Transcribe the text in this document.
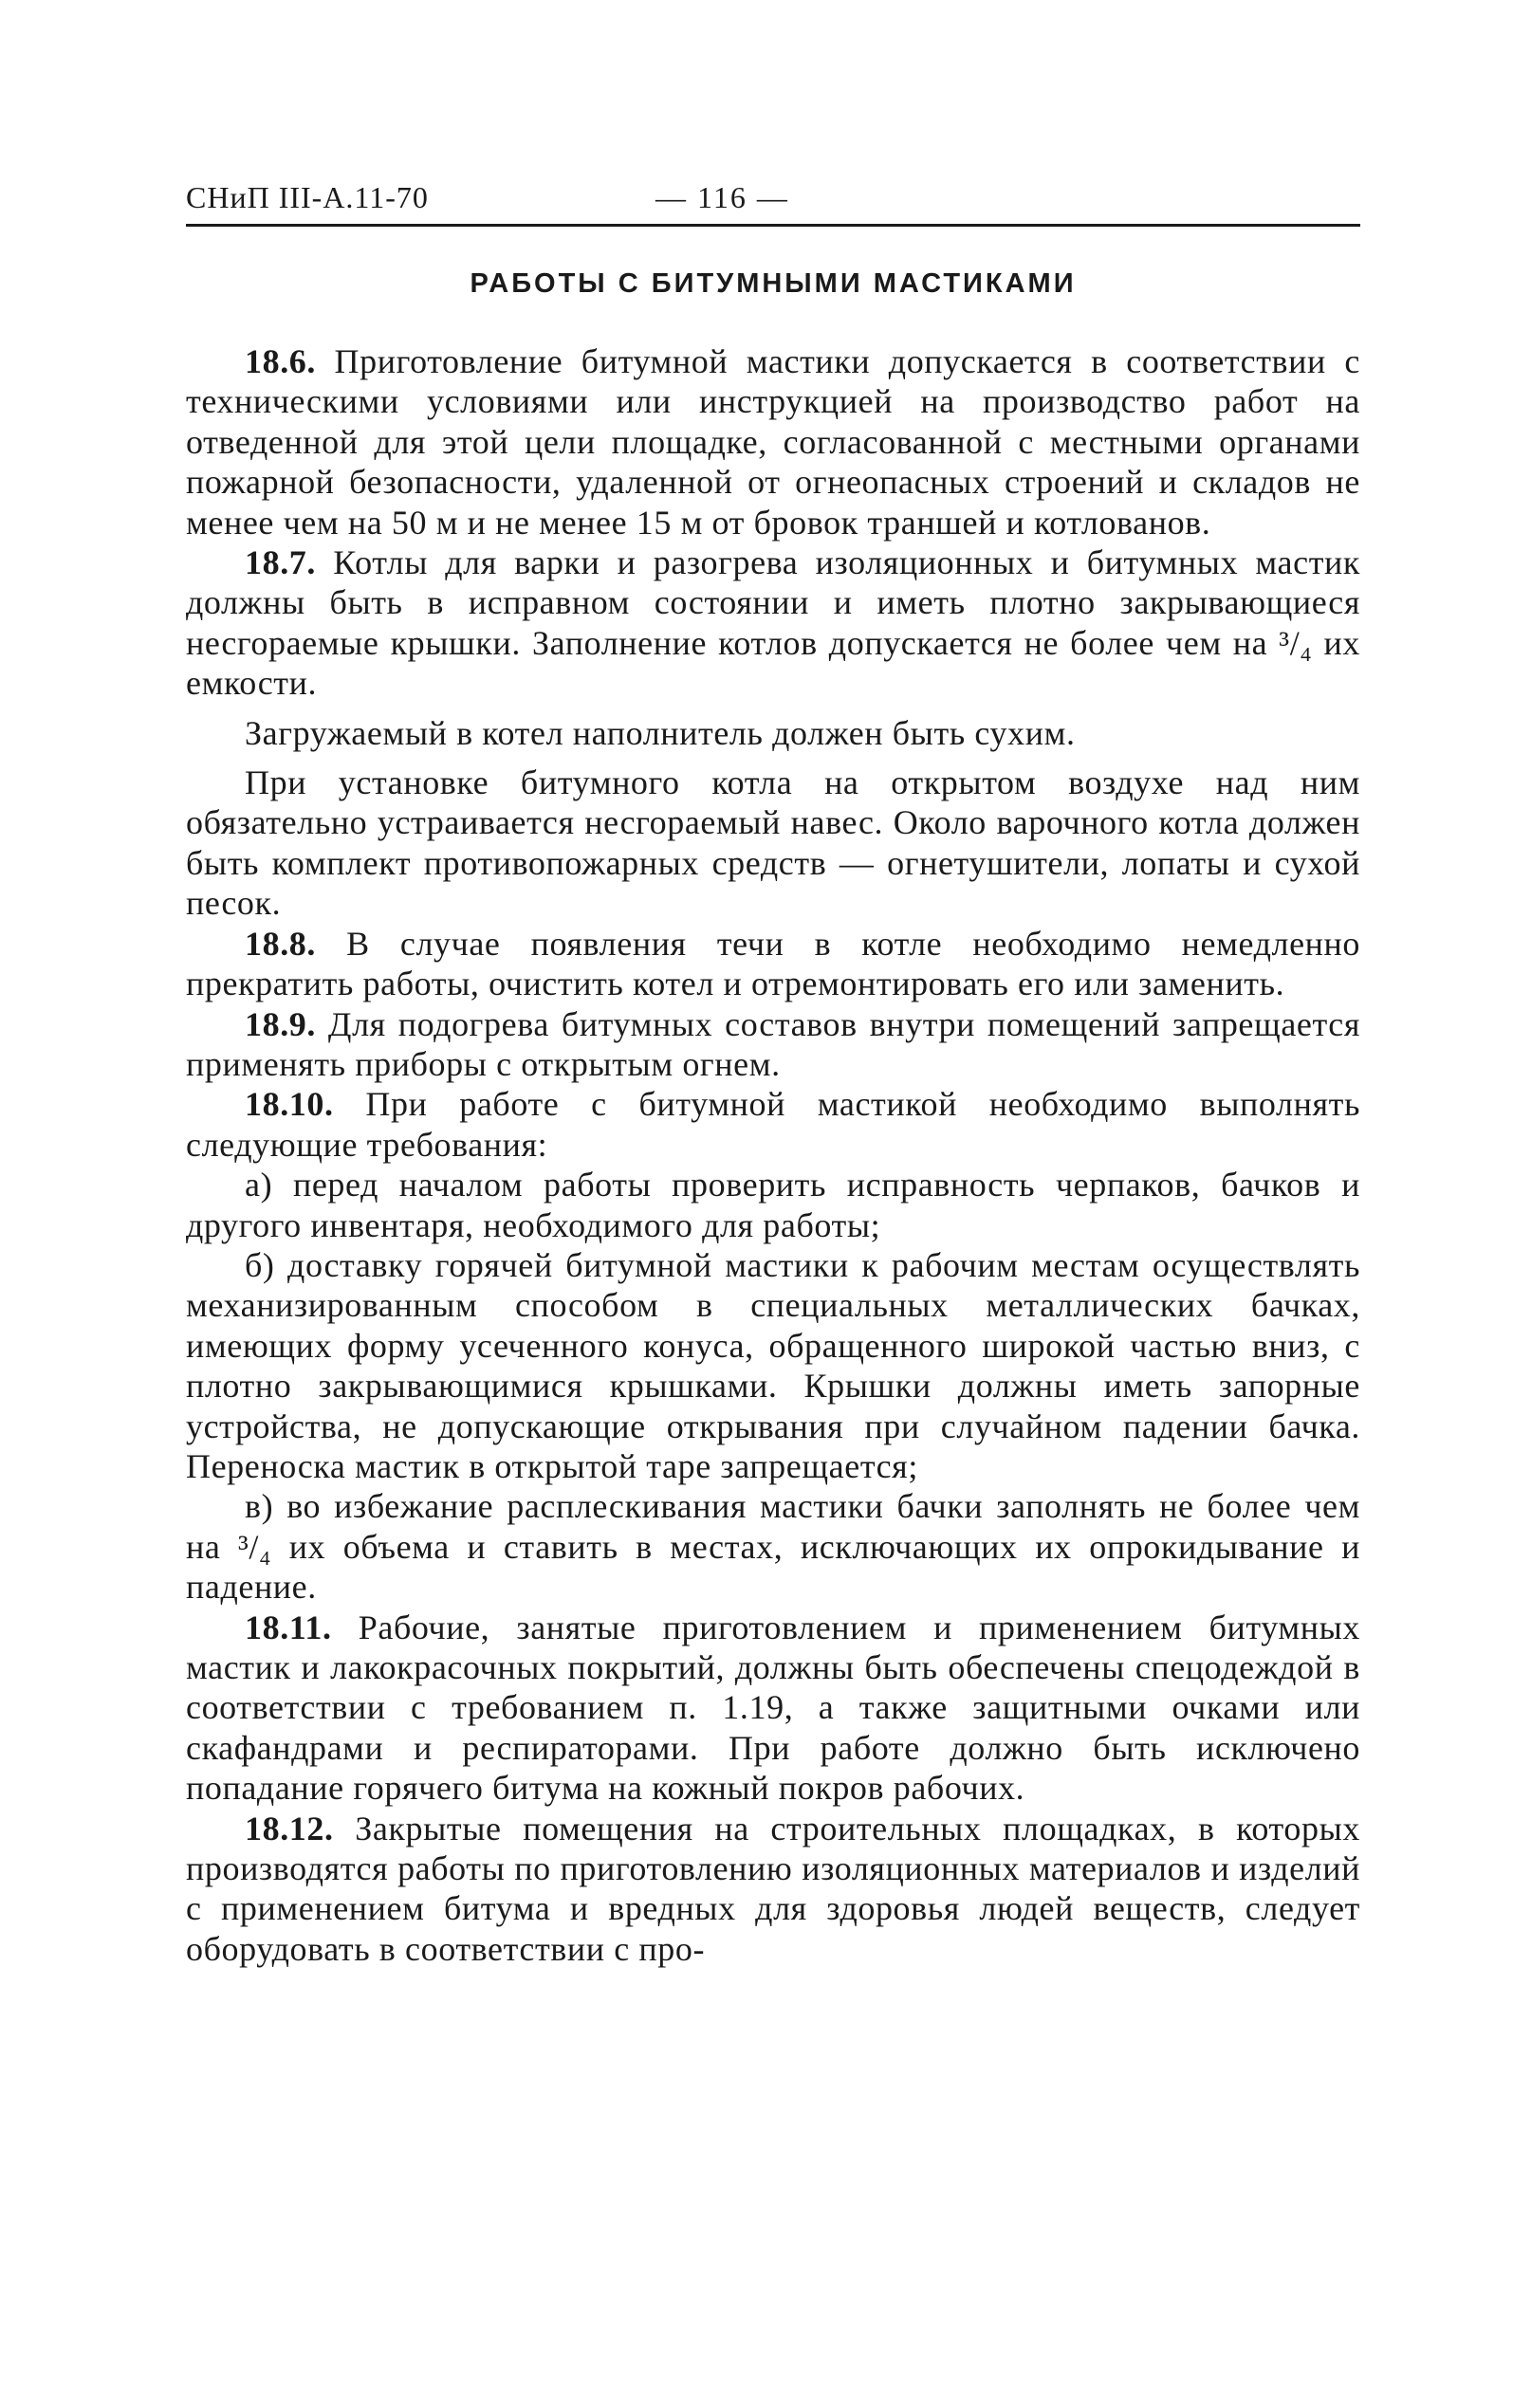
СНиП III-А.11-70	— 116 —
РАБОТЫ С БИТУМНЫМИ МАСТИКАМИ

18.6. Приготовление битумной мастики допускается в соответствии с техническими условиями или инструкцией на производство работ на отведенной для этой цели площадке, согласованной с местными органами пожарной безопасности, удаленной от огнеопасных строений и складов не менее чем на 50 м и не менее 15 м от бровок траншей и котлованов.

18.7. Котлы для варки и разогрева изоляционных и битумных мастик должны быть в исправном состоянии и иметь плотно закрывающиеся несгораемые крышки. Заполнение котлов допускается не более чем на ³/₄ их емкости.

Загружаемый в котел наполнитель должен быть сухим.

При установке битумного котла на открытом воздухе над ним обязательно устраивается несгораемый навес. Около варочного котла должен быть комплект противопожарных средств — огнетушители, лопаты и сухой песок.

18.8. В случае появления течи в котле необходимо немедленно прекратить работы, очистить котел и отремонтировать его или заменить.

18.9. Для подогрева битумных составов внутри помещений запрещается применять приборы с открытым огнем.

18.10. При работе с битумной мастикой необходимо выполнять следующие требования:

а) перед началом работы проверить исправность черпаков, бачков и другого инвентаря, необходимого для работы;

б) доставку горячей битумной мастики к рабочим местам осуществлять механизированным способом в специальных металлических бачках, имеющих форму усеченного конуса, обращенного широкой частью вниз, с плотно закрывающимися крышками. Крышки должны иметь запорные устройства, не допускающие открывания при случайном падении бачка. Переноска мастик в открытой таре запрещается;

в) во избежание расплескивания мастики бачки заполнять не более чем на ³/₄ их объема и ставить в местах, исключающих их опрокидывание и падение.

18.11. Рабочие, занятые приготовлением и применением битумных мастик и лакокрасочных покрытий, должны быть обеспечены спецодеждой в соответствии с требованием п. 1.19, а также защитными очками или скафандрами и респираторами. При работе должно быть исключено попадание горячего битума на кожный покров рабочих.

18.12. Закрытые помещения на строительных площадках, в которых производятся работы по приготовлению изоляционных материалов и изделий с применением битума и вредных для здоровья людей веществ, следует оборудовать в соответствии с про-
